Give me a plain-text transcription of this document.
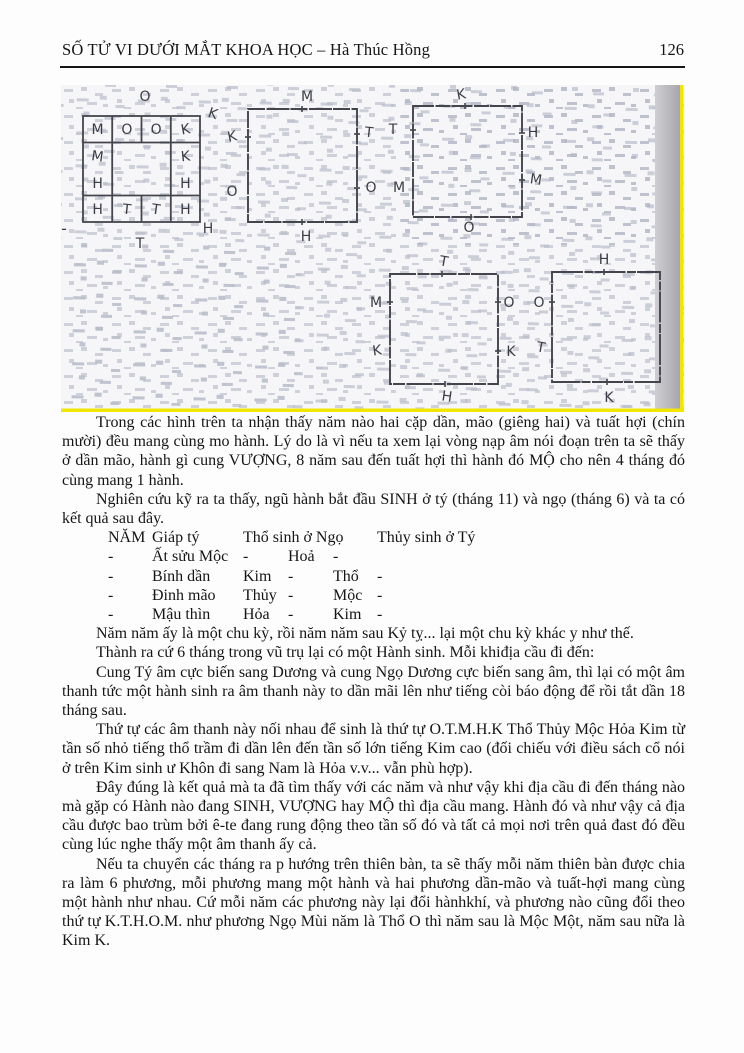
SỐ TỬ VI DƯỚI MẮT KHOA HỌC – Hà Thúc Hồng	126
M O O K
M
H
K
H
H T T H
O
K
T
H
-
M
K
O
T
O
H
K
T
M
H
M
O
T
M
K
O
K
H
H
O
T
K

Trong các hình trên ta nhận thấy năm nào hai cặp dần, mão (giêng hai) và tuất hợi (chín mười) đều mang cùng mo hành. Lý do là vì nếu ta xem lại vòng nạp âm nói đoạn trên ta sẽ thấy ở dần mão, hành gì cung VƯỢNG, 8 năm sau đến tuất hợi thì hành đó MỘ cho nên 4 tháng đó cùng mang 1 hành.

Nghiên cứu kỹ ra ta thấy, ngũ hành bắt đầu SINH ở tý (tháng 11) và ngọ (tháng 6) và ta có kết quả sau đây.

NĂM Giáp tý	Thổ sinh ở Ngọ Thủy sinh ở Tý
-	Ất sửu Mộc -	Hoả	-
-	Bính dần	Kim	-	Thổ	-
-	Đinh mão	Thủy -	Mộc -
-	Mậu thìn	Hỏa	-	Kim -

Năm năm ấy là một chu kỳ, rồi năm năm sau Kỷ tỵ... lại một chu kỳ khác y như thế.

Thành ra cứ 6 tháng trong vũ trụ lại có một Hành sinh. Mỗi khiđịa cầu đi đến:

Cung Tý âm cực biến sang Dương và cung Ngọ Dương cực biến sang âm, thì lại có một âm thanh tức một hành sinh ra âm thanh này to dần mãi lên như tiếng còi báo động để rồi tắt dần 18 tháng sau.

Thứ tự các âm thanh này nối nhau để sinh là thứ tự O.T.M.H.K Thổ Thủy Mộc Hỏa Kim từ tần số nhỏ tiếng thổ trầm đi dần lên đến tần số lớn tiếng Kim cao (đối chiếu với điều sách cổ nói ở trên Kim sinh ư Khôn đi sang Nam là Hỏa v.v... vẫn phù hợp).

Đây đúng là kết quả mà ta đã tìm thấy với các năm và như vậy khi địa cầu đi đến tháng nào mà gặp có Hành nào đang SINH, VƯỢNG hay MỘ thì địa cầu mang. Hành đó và như vậy cả địa cầu được bao trùm bởi ê-te đang rung động theo tần số đó và tất cả mọi nơi trên quả đast đó đều cùng lúc nghe thấy một âm thanh ấy cả.

Nếu ta chuyển các tháng ra p hướng trên thiên bàn, ta sẽ thấy mỗi năm thiên bàn được chia ra làm 6 phương, mỗi phương mang một hành và hai phương dần-mão và tuất-hợi mang cùng một hành như nhau. Cứ mỗi năm các phương này lại đổi hànhkhí, và phương nào cũng đổi theo thứ tự K.T.H.O.M. như phương Ngọ Mùi năm là Thổ O thì năm sau là Mộc Một, năm sau nữa là Kim K.
